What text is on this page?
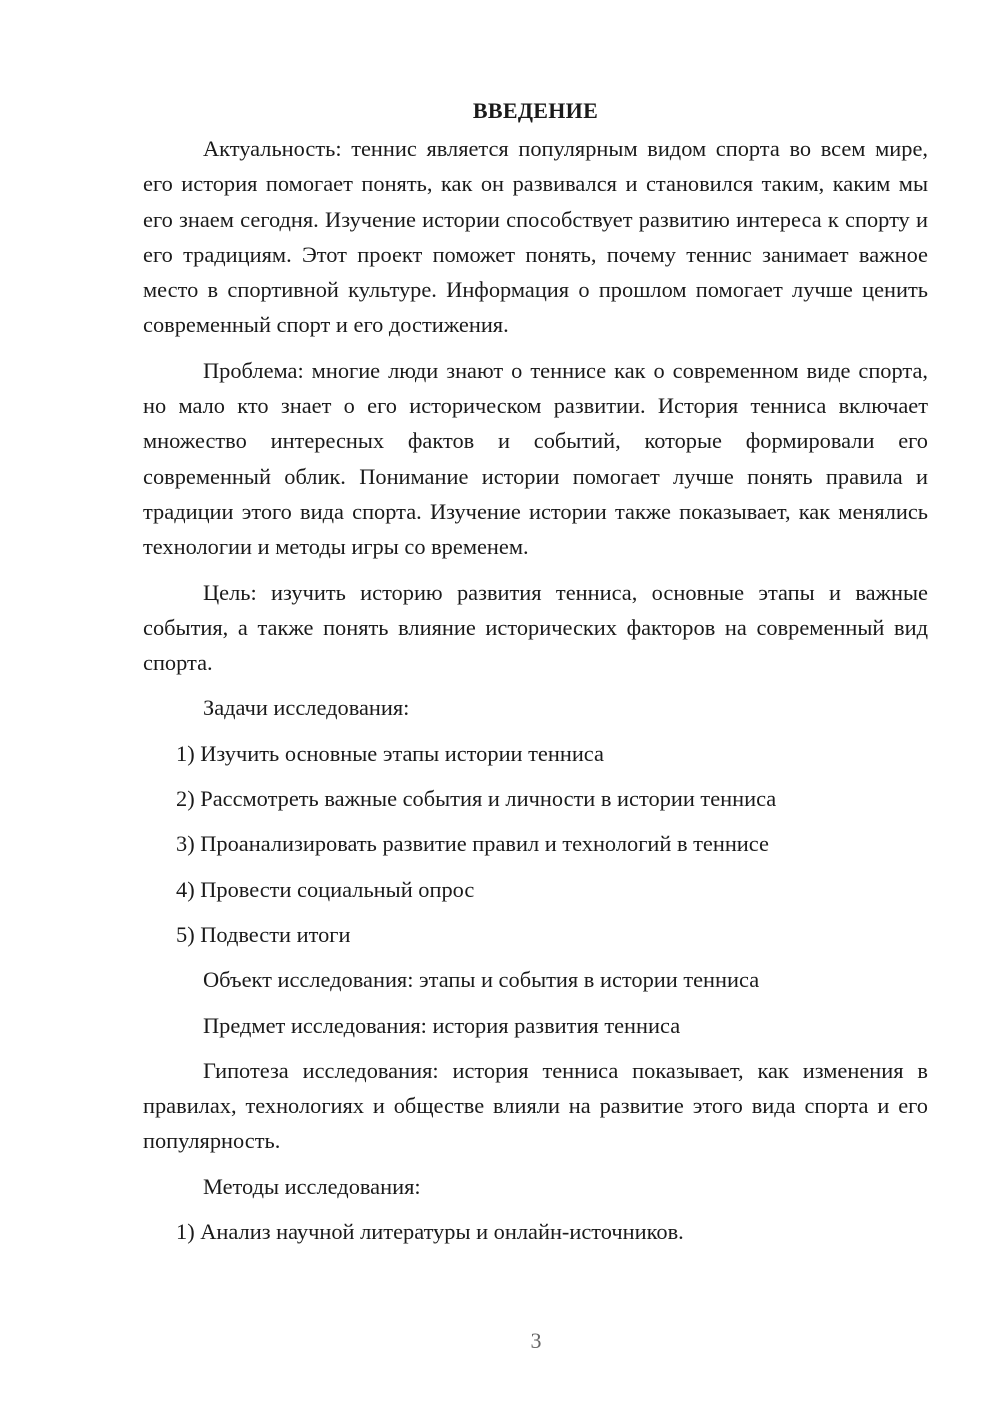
ВВЕДЕНИЕ

Актуальность: теннис является популярным видом спорта во всем мире, его история помогает понять, как он развивался и становился таким, каким мы его знаем сегодня. Изучение истории способствует развитию интереса к спорту и его традициям. Этот проект поможет понять, почему теннис занимает важное место в спортивной культуре. Информация о прошлом помогает лучше ценить современный спорт и его достижения.

Проблема: многие люди знают о теннисе как о современном виде спорта, но мало кто знает о его историческом развитии. История тенниса включает множество интересных фактов и событий, которые формировали его современный облик. Понимание истории помогает лучше понять правила и традиции этого вида спорта. Изучение истории также показывает, как менялись технологии и методы игры со временем.

Цель: изучить историю развития тенниса, основные этапы и важные события, а также понять влияние исторических факторов на современный вид спорта.

Задачи исследования:

1) Изучить основные этапы истории тенниса

2) Рассмотреть важные события и личности в истории тенниса

3) Проанализировать развитие правил и технологий в теннисе

4) Провести социальный опрос

5) Подвести итоги

Объект исследования: этапы и события в истории тенниса

Предмет исследования: история развития тенниса

Гипотеза исследования: история тенниса показывает, как изменения в правилах, технологиях и обществе влияли на развитие этого вида спорта и его популярность.

Методы исследования:

1) Анализ научной литературы и онлайн-источников.

3
